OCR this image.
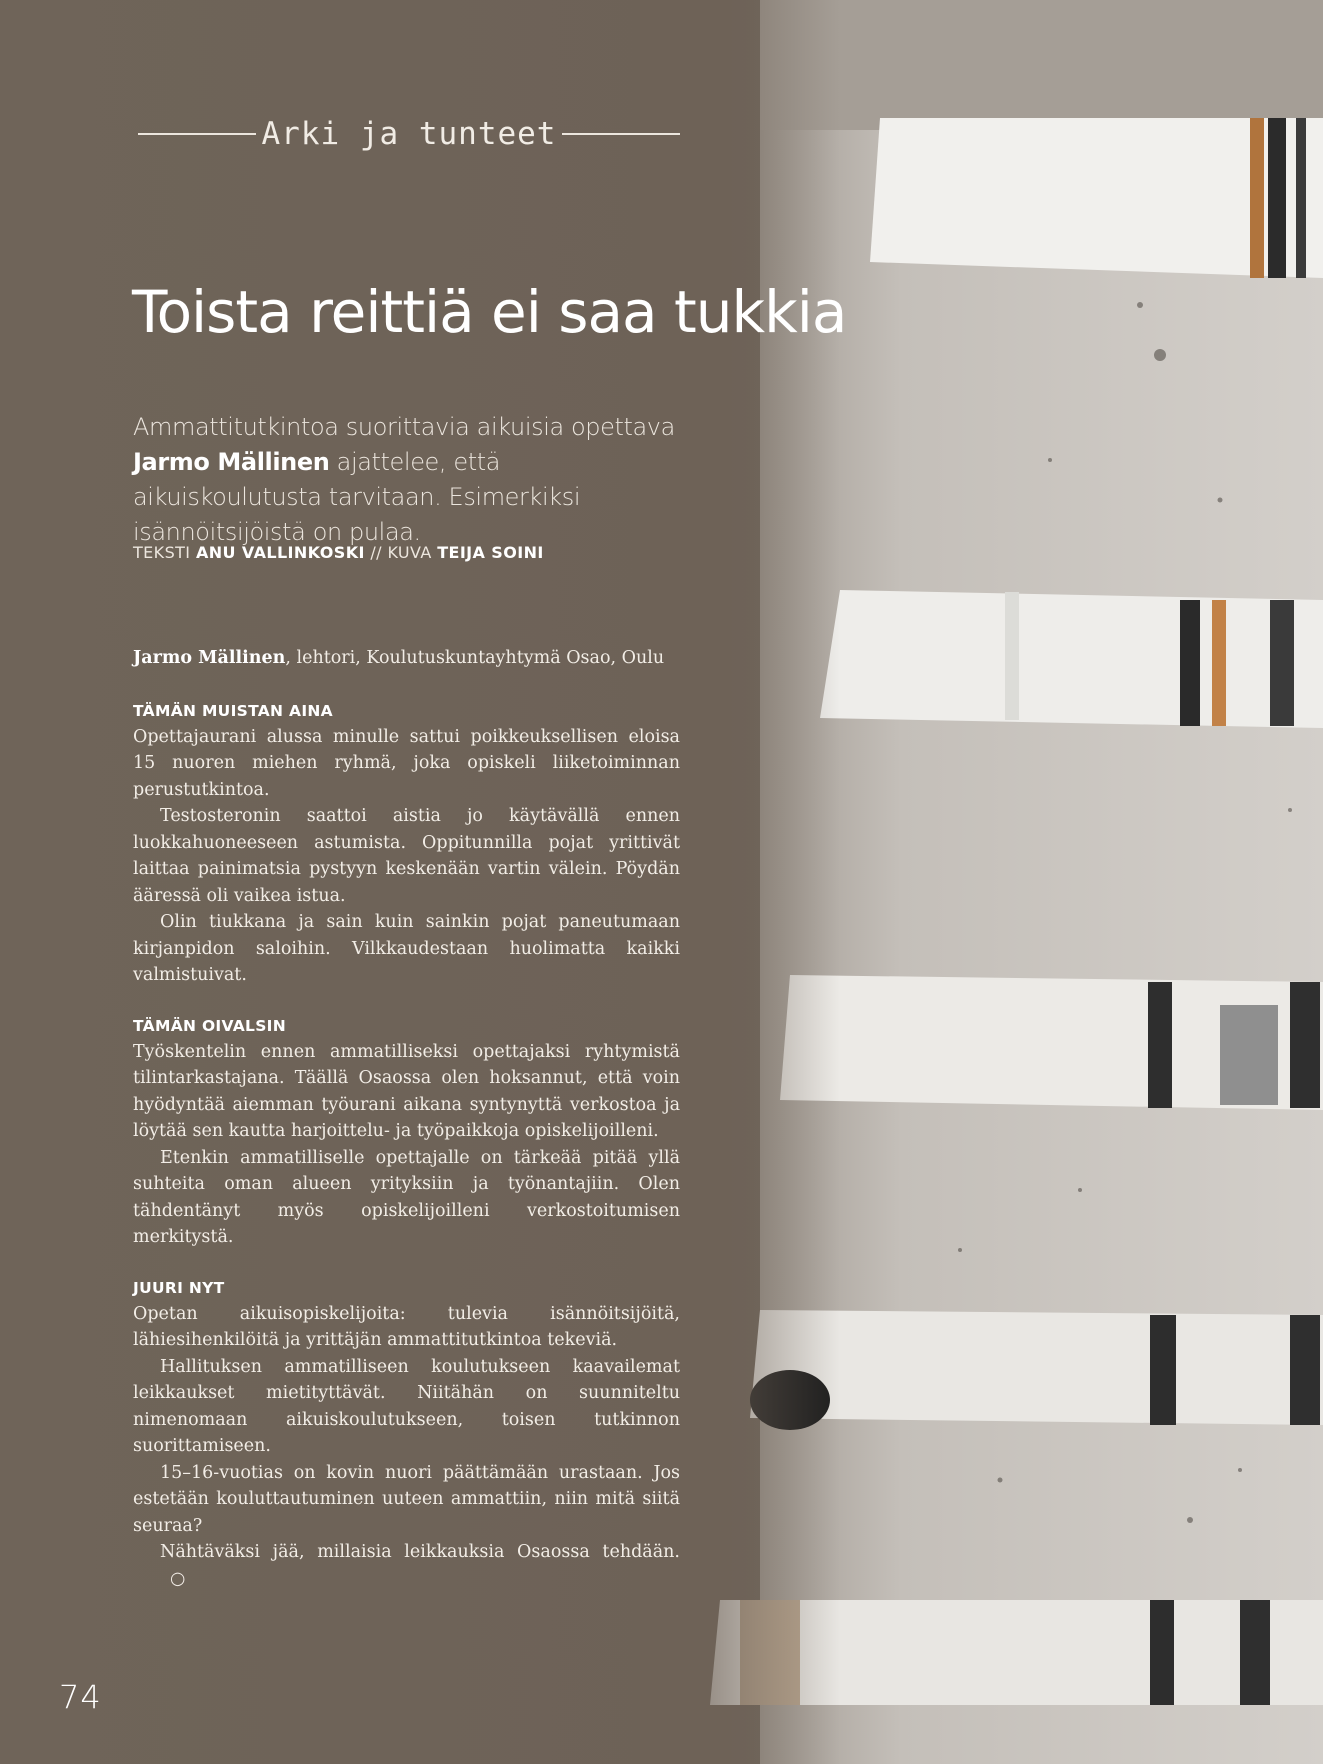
Arki ja tunteet
Toista reittiä ei saa tukkia
Ammattitutkintoa suorittavia aikuisia opettava Jarmo Mällinen ajattelee, että aikuiskoulutusta tarvitaan. Esimerkiksi isännöitsijöistä on pulaa.
TEKSTI ANU VALLINKOSKI // KUVA TEIJA SOINI

Jarmo Mällinen, lehtori, Koulutuskuntayhtymä Osao, Oulu

TÄMÄN MUISTAN AINA

Opettajaurani alussa minulle sattui poikkeuksellisen eloisa 15 nuoren miehen ryhmä, joka opiskeli liiketoiminnan perustutkintoa.

Testosteronin saattoi aistia jo käytävällä ennen luokkahuoneeseen astumista. Oppitunnilla pojat yrittivät laittaa painimatsia pystyyn keskenään vartin välein. Pöydän ääressä oli vaikea istua.

Olin tiukkana ja sain kuin sainkin pojat paneutumaan kirjanpidon saloihin. Vilkkaudestaan huolimatta kaikki valmistuivat.

TÄMÄN OIVALSIN

Työskentelin ennen ammatilliseksi opettajaksi ryhtymistä tilintarkastajana. Täällä Osaossa olen hoksannut, että voin hyödyntää aiemman työurani aikana syntynyttä verkostoa ja löytää sen kautta harjoittelu- ja työpaikkoja opiskelijoilleni.

Etenkin ammatilliselle opettajalle on tärkeää pitää yllä suhteita oman alueen yrityksiin ja työnantajiin. Olen tähdentänyt myös opiskelijoilleni verkostoitumisen merkitystä.

JUURI NYT

Opetan aikuisopiskelijoita: tulevia isännöitsijöitä, lähiesihenkilöitä ja yrittäjän ammattitutkintoa tekeviä.

Hallituksen ammatilliseen koulutukseen kaavailemat leikkaukset mietityttävät. Niitähän on suunniteltu nimenomaan aikuiskoulutukseen, toisen tutkinnon suorittamiseen.

15–16-vuotias on kovin nuori päättämään urastaan. Jos estetään kouluttautuminen uuteen ammattiin, niin mitä siitä seuraa?

Nähtäväksi jää, millaisia leikkauksia Osaossa tehdään.○

74
